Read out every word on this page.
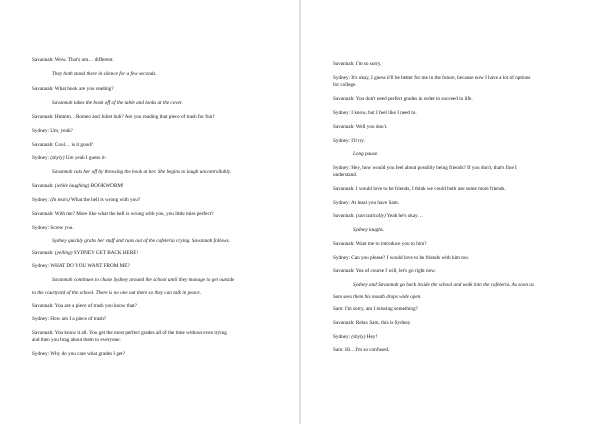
Savannah: Wow. That's um… different.

They both stand there in silence for a few seconds.

Savannah: What book are you reading?

Savannah takes the book off of the table and looks at the cover.

Savannah: Hmmm…Romeo and Juliet huh? Are you reading that piece of trash for fun?

Sydney: Um, yeah?

Savannah: Cool… is it good?

Sydney: (shyly) Um yeah I guess it-

Savannah cuts her off by throwing the book at her. She begins to laugh uncontrollably.

Savannah: (while laughing) BOOKWORM!

Sydney: (In tears) What the hell is wrong with you?

Savannah: With me? More like what the hell is wrong with you, you little miss perfect?

Sydney: Screw you.

Sydney quickly grabs her stuff and runs out of the cafeteria crying. Savannah follows.

Savannah: (yelling) SYDNEY GET BACK HERE!

Sydney: WHAT DO YOU WANT FROM ME?

Savannah continues to chase Sydney around the school until they manage to get outside

to the courtyard of the school. There is no one out there so they can talk in peace.

Savannah: You are a piece of trash you know that?

Sydney: How am I a piece of trash?

Savannah: You know it all. You get the most perfect grades all of the time without even trying

and then you brag about them to everyone.

Sydney: Why do you care what grades I get?

Savannah: I'm so sorry.

Sydney: It's okay, I guess it'll be better for me in the future, because now I have a lot of options

for college.

Savannah: You don't need perfect grades in order to succeed in life.

Sydney: I know, but I feel like I need to.

Savannah: Well you don't.

Sydney: I'll try.

Long pause.

Sydney: Hey, how would you feel about possibly being friends? If you don't, that's fine I

understand.

Savannah: I would love to be friends, I think we could both use some more friends.

Sydney: At least you have Sam.

Savannah: (sarcastically) Yeah he's okay…

Sydney laughs.

Savannah: Want me to introduce you to him?

Sydney: Can you please? I would love to be friends with him too.

Savannah: Yea of course I will, let's go right now.

Sydney and Savannah go back inside the school and walk into the cafeteria. As soon as

Sam sees them his mouth drops wide open.

Sam: I'm sorry, am I missing something?

Savannah: Relax Sam, this is Sydney.

Sydney: (shyly) Hey!

Sam: Hi…I'm so confused.
